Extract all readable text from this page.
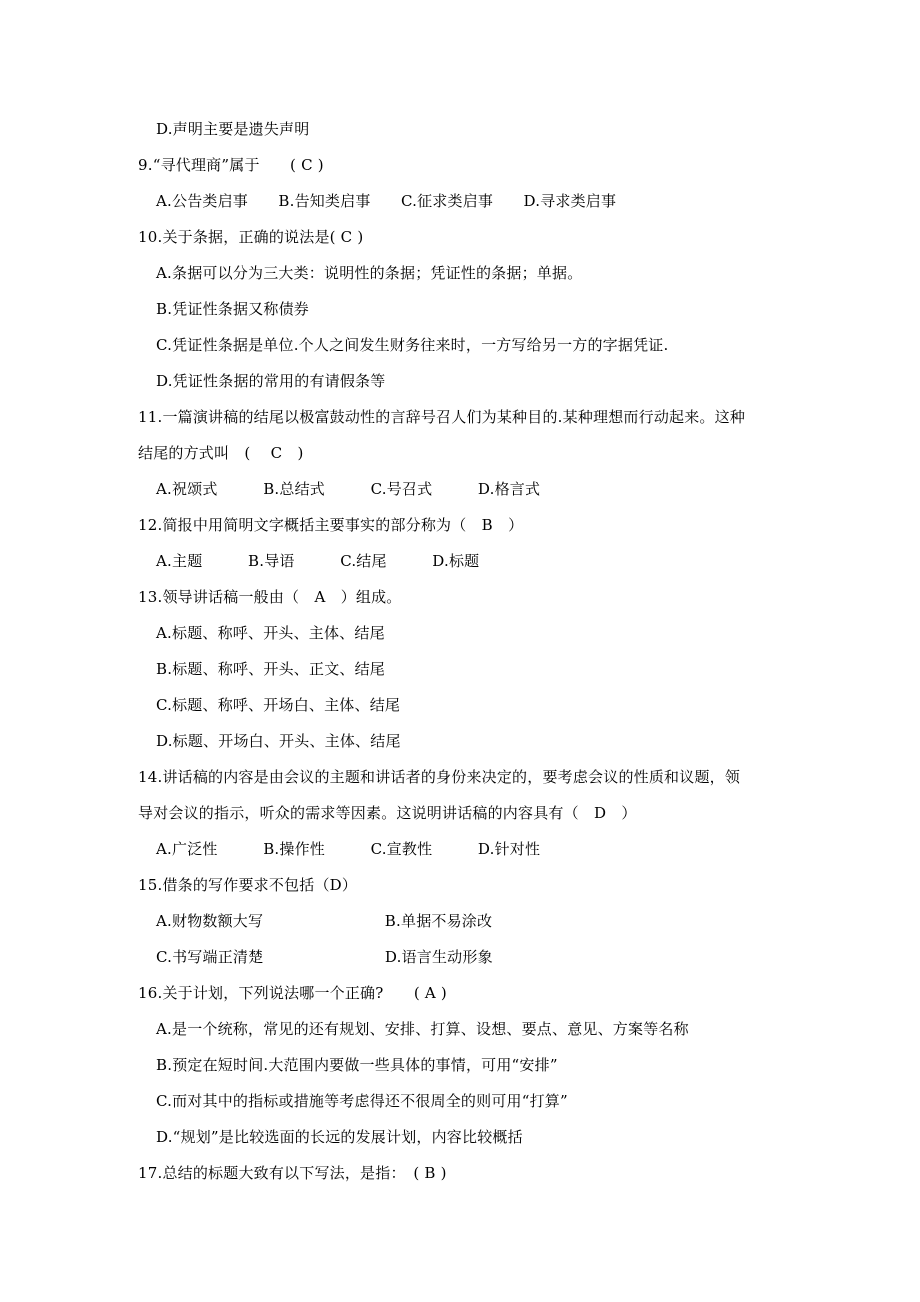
D.声明主要是遗失声明
9.“寻代理商”属于　　( C )
A.公告类启事　　B.告知类启事　　C.征求类启事　　D.寻求类启事
10.关于条据，正确的说法是( C )
A.条据可以分为三大类：说明性的条据；凭证性的条据；单据。
B.凭证性条据又称债券
C.凭证性条据是单位.个人之间发生财务往来时，一方写给另一方的字据凭证.
D.凭证性条据的常用的有请假条等
11.一篇演讲稿的结尾以极富鼓动性的言辞号召人们为某种目的.某种理想而行动起来。这种
结尾的方式叫　(　 C　)
A.祝颂式　　　B.总结式　　　C.号召式　　　D.格言式
12.简报中用简明文字概括主要事实的部分称为（　B　）
A.主题　　　B.导语　　　C.结尾　　　D.标题
13.领导讲话稿一般由（　A　）组成。
A.标题、称呼、开头、主体、结尾
B.标题、称呼、开头、正文、结尾
C.标题、称呼、开场白、主体、结尾
D.标题、开场白、开头、主体、结尾
14.讲话稿的内容是由会议的主题和讲话者的身份来决定的，要考虑会议的性质和议题，领
导对会议的指示，听众的需求等因素。这说明讲话稿的内容具有（　D　）
A.广泛性　　　B.操作性　　　C.宣教性　　　D.针对性
15.借条的写作要求不包括（D）
A.财物数额大写　　　　　　　　B.单据不易涂改
C.书写端正清楚　　　　　　　　D.语言生动形象
16.关于计划，下列说法哪一个正确?　　( A )
A.是一个统称，常见的还有规划、安排、打算、设想、要点、意见、方案等名称
B.预定在短时间.大范围内要做一些具体的事情，可用“安排”
C.而对其中的指标或措施等考虑得还不很周全的则可用“打算”
D.“规划”是比较选面的长远的发展计划，内容比较概括
17.总结的标题大致有以下写法，是指：　( B )
